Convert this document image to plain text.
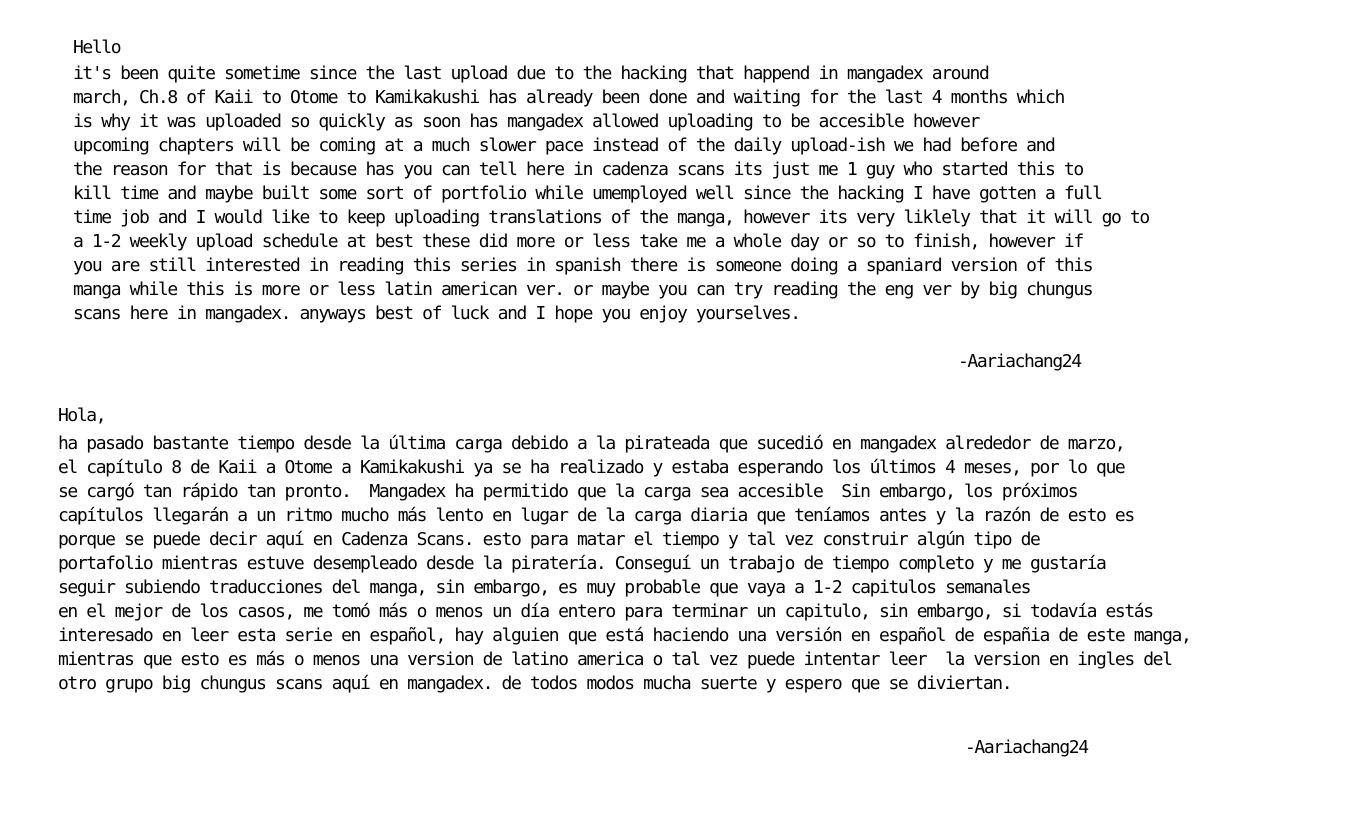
Hello
it's been quite sometime since the last upload due to the hacking that happend in mangadex around
march, Ch.8 of Kaii to Otome to Kamikakushi has already been done and waiting for the last 4 months which
is why it was uploaded so quickly as soon has mangadex allowed uploading to be accesible however
upcoming chapters will be coming at a much slower pace instead of the daily upload-ish we had before and
the reason for that is because has you can tell here in cadenza scans its just me 1 guy who started this to
kill time and maybe built some sort of portfolio while umemployed well since the hacking I have gotten a full
time job and I would like to keep uploading translations of the manga, however its very liklely that it will go to
a 1-2 weekly upload schedule at best these did more or less take me a whole day or so to finish, however if
you are still interested in reading this series in spanish there is someone doing a spaniard version of this
manga while this is more or less latin american ver. or maybe you can try reading the eng ver by big chungus
scans here in mangadex. anyways best of luck and I hope you enjoy yourselves.
-Aariachang24
Hola,
ha pasado bastante tiempo desde la última carga debido a la pirateada que sucedió en mangadex alrededor de marzo,
el capítulo 8 de Kaii a Otome a Kamikakushi ya se ha realizado y estaba esperando los últimos 4 meses, por lo que
se cargó tan rápido tan pronto.  Mangadex ha permitido que la carga sea accesible  Sin embargo, los próximos
capítulos llegarán a un ritmo mucho más lento en lugar de la carga diaria que teníamos antes y la razón de esto es
porque se puede decir aquí en Cadenza Scans. esto para matar el tiempo y tal vez construir algún tipo de
portafolio mientras estuve desempleado desde la piratería. Conseguí un trabajo de tiempo completo y me gustaría
seguir subiendo traducciones del manga, sin embargo, es muy probable que vaya a 1-2 capitulos semanales
en el mejor de los casos, me tomó más o menos un día entero para terminar un capitulo, sin embargo, si todavía estás
interesado en leer esta serie en español, hay alguien que está haciendo una versión en español de españia de este manga,
mientras que esto es más o menos una version de latino america o tal vez puede intentar leer  la version en ingles del
otro grupo big chungus scans aquí en mangadex. de todos modos mucha suerte y espero que se diviertan.
-Aariachang24
